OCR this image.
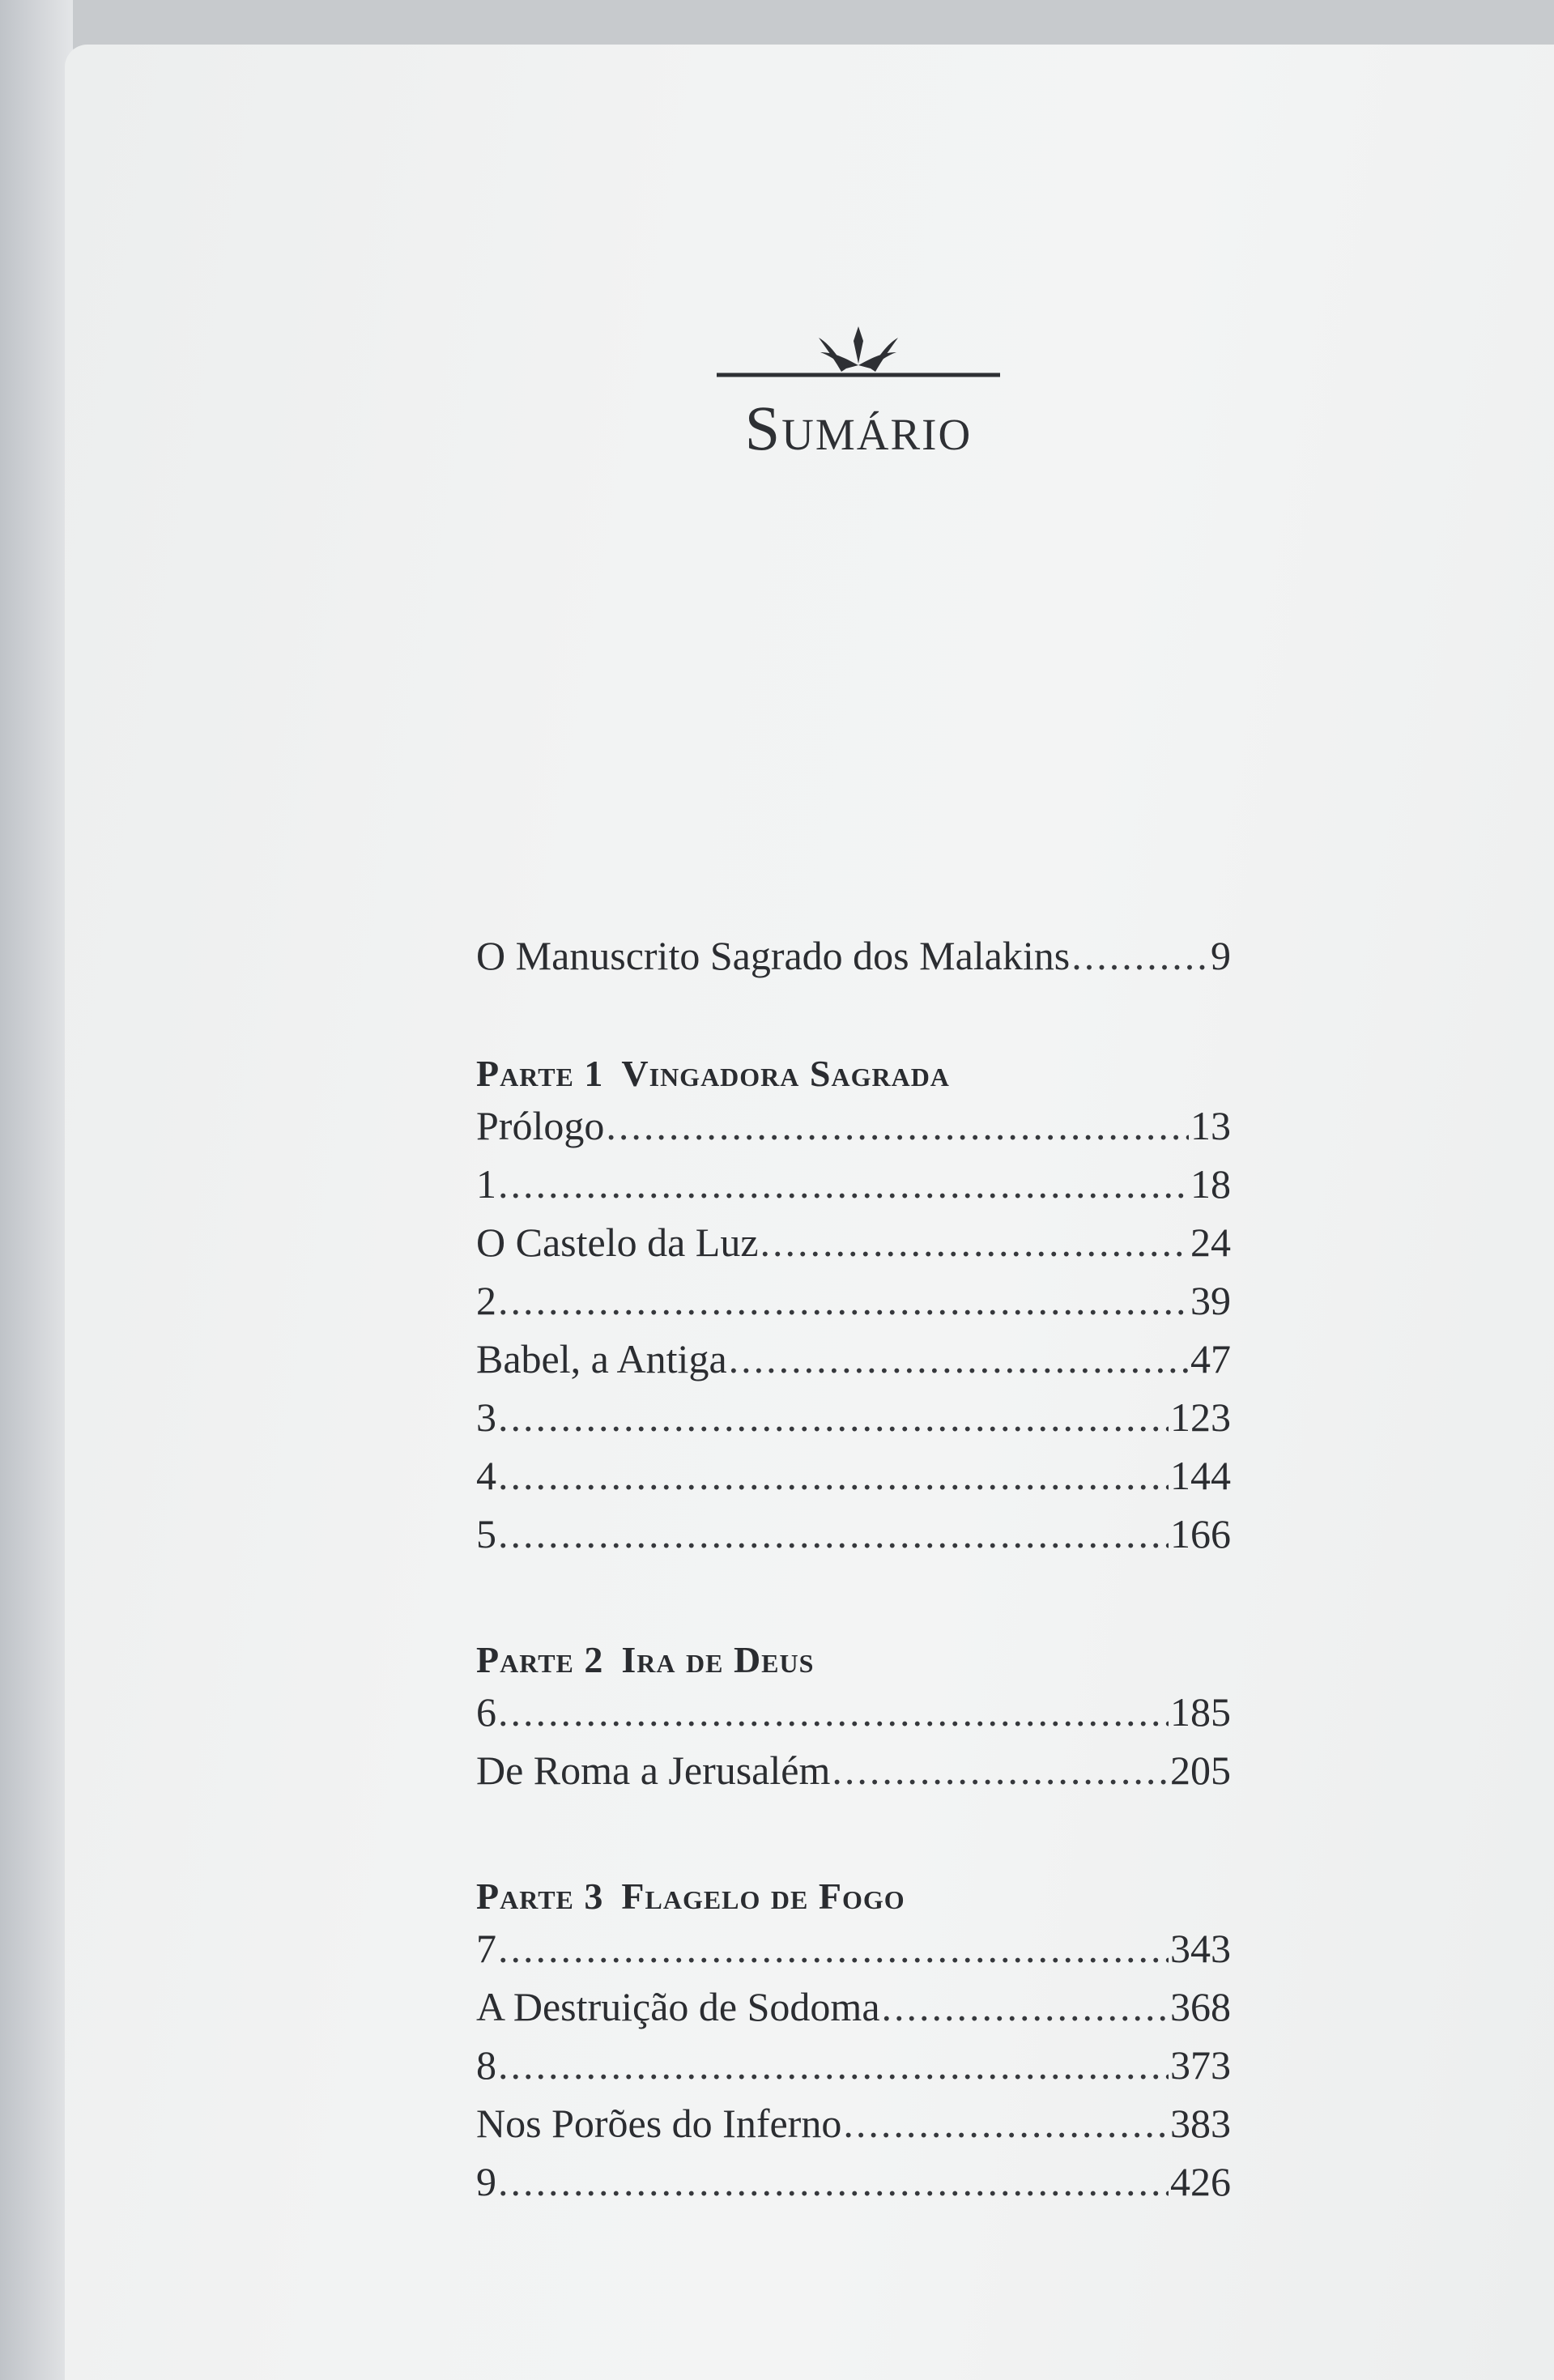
Sumário
O Manuscrito Sagrado dos Malakins .....	9
Parte 1 Vingadora Sagrada
Prólogo .....	13
1 .....	18
O Castelo da Luz .....	24
2 .....	39
Babel, a Antiga .....	47
3 .....	123
4 .....	144
5 .....	166
Parte 2 Ira de Deus
6 .....	185
De Roma a Jerusalém .....	205
Parte 3 Flagelo de Fogo
7 .....	343
A Destruição de Sodoma .....	368
8 .....	373
Nos Porões do Inferno .....	383
9 .....	426
